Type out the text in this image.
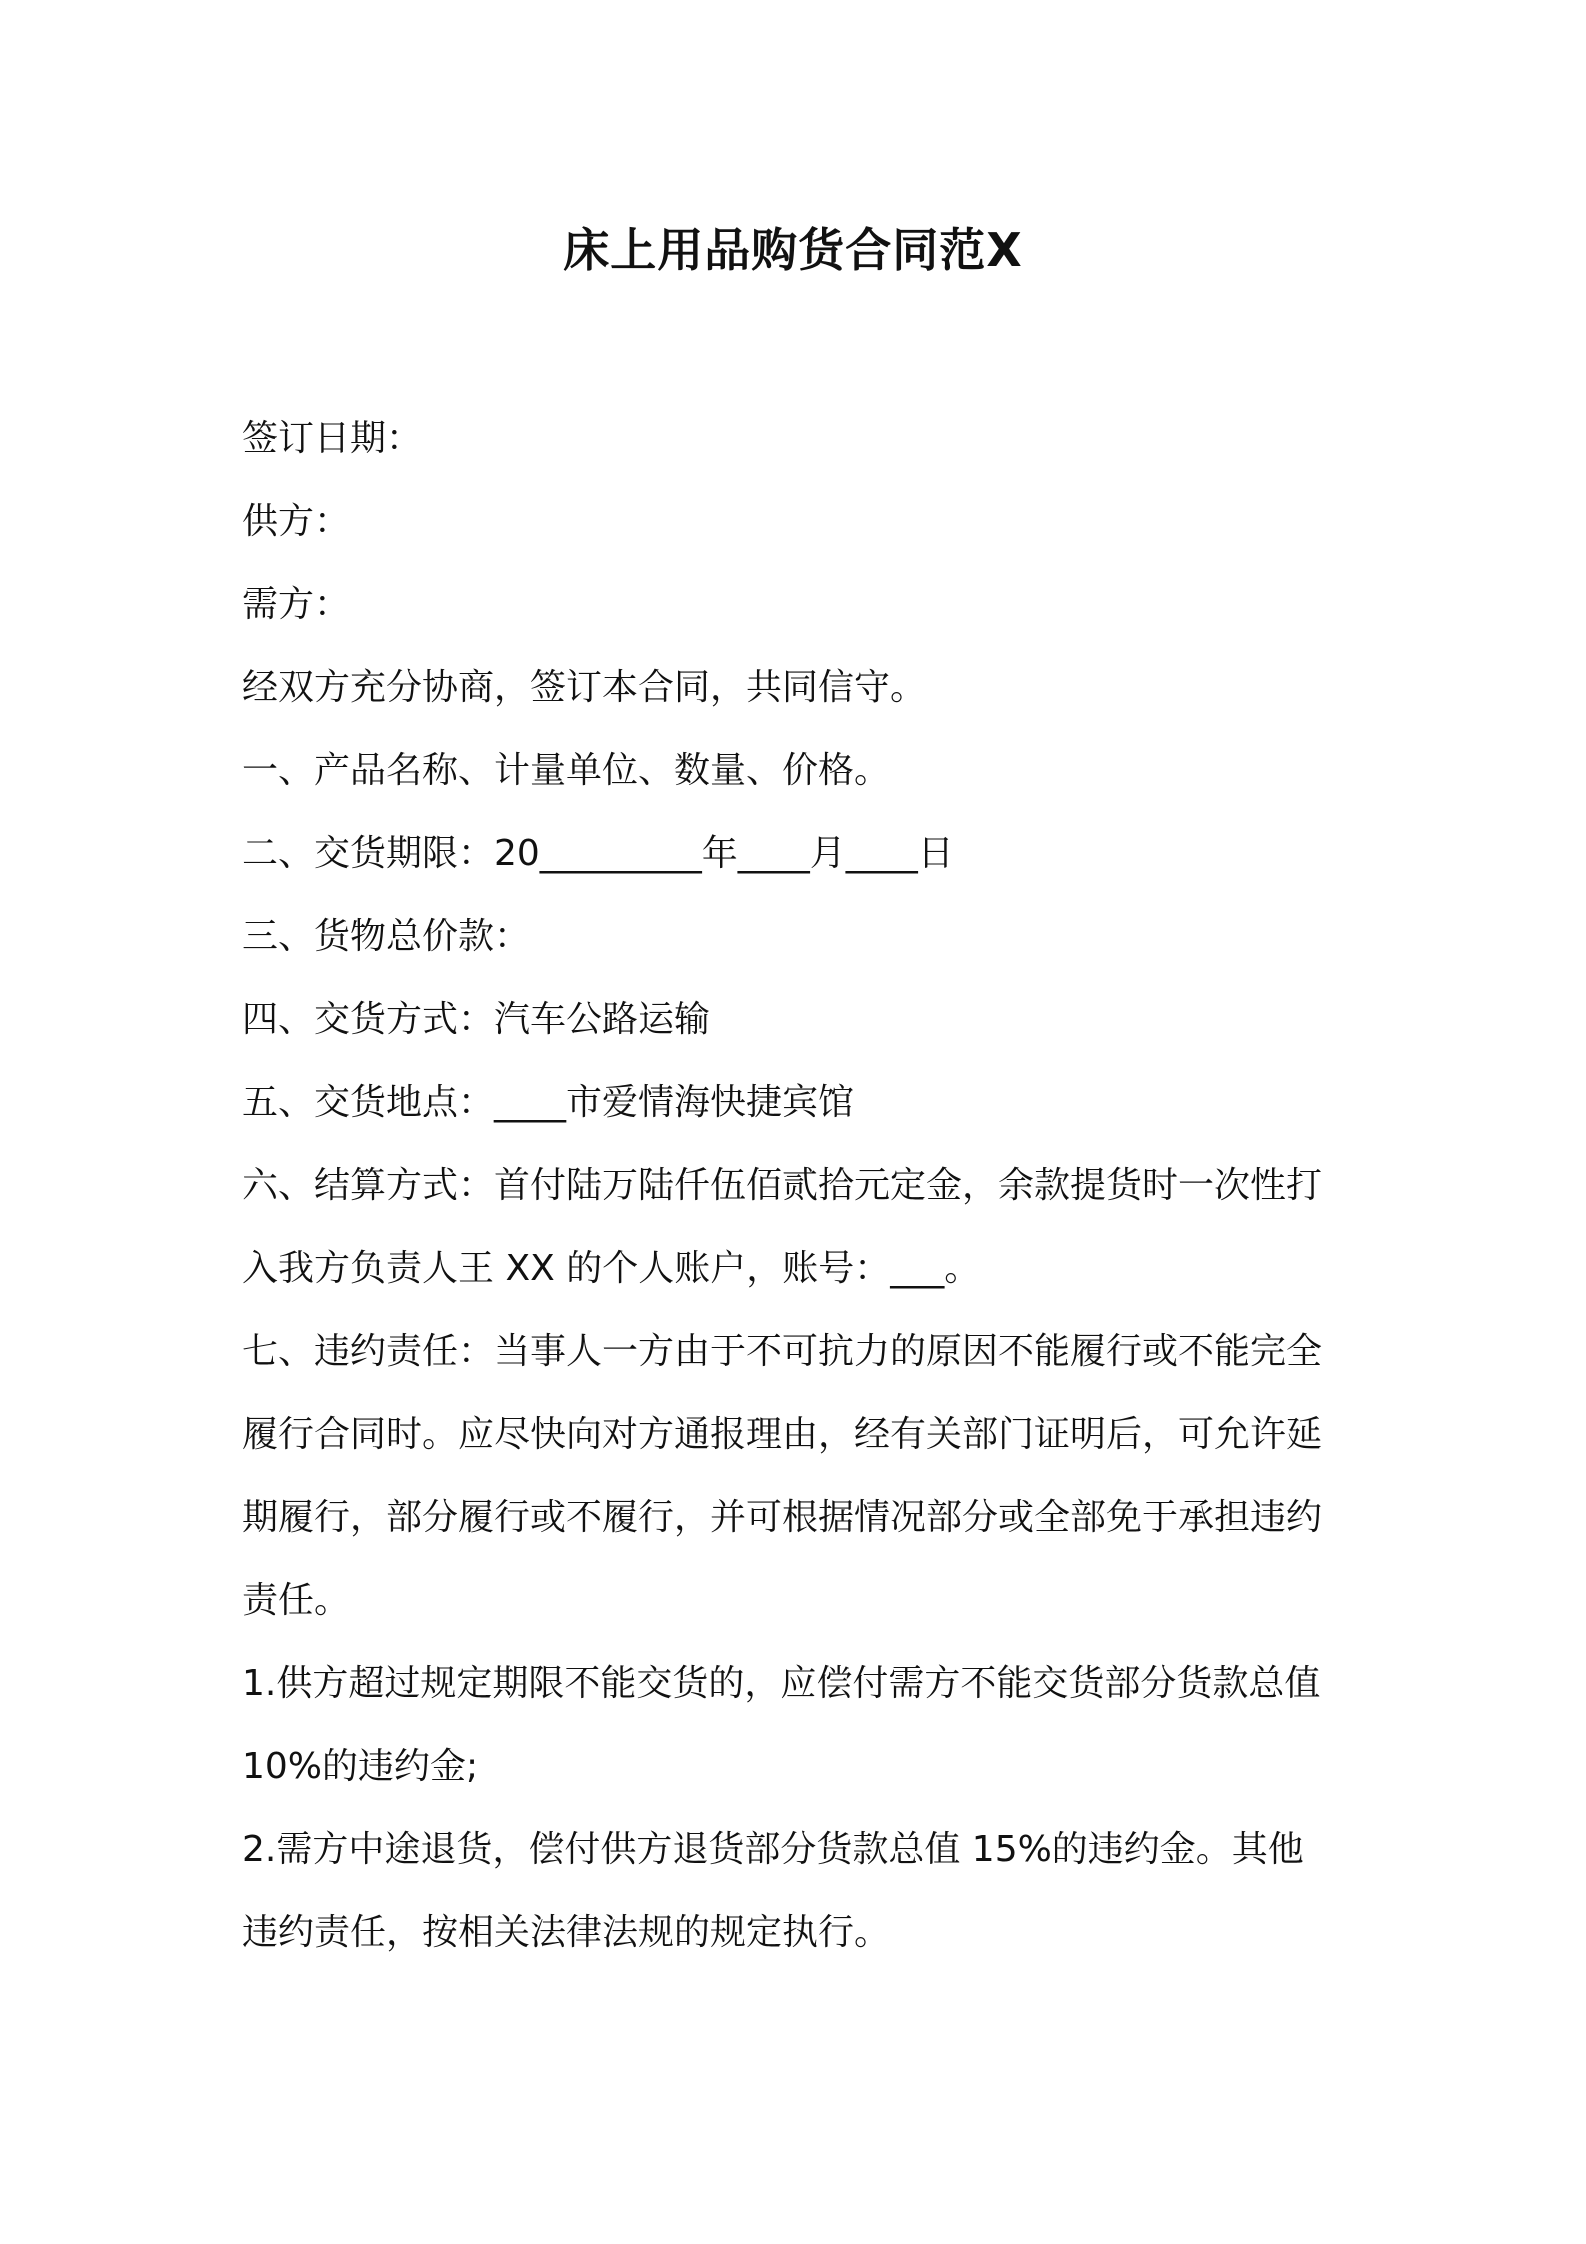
床上用品购货合同范X
签订日期：
供方：
需方：
经双方充分协商，签订本合同，共同信守。
一、产品名称、计量单位、数量、价格。
二、交货期限：20_________年____月____日
三、货物总价款：
四、交货方式：汽车公路运输
五、交货地点：____市爱情海快捷宾馆
六、结算方式：首付陆万陆仟伍佰贰拾元定金，余款提货时一次性打
入我方负责人王 XX 的个人账户，账号：___。
七、违约责任：当事人一方由于不可抗力的原因不能履行或不能完全
履行合同时。应尽快向对方通报理由，经有关部门证明后，可允许延
期履行，部分履行或不履行，并可根据情况部分或全部免于承担违约
责任。
1.供方超过规定期限不能交货的，应偿付需方不能交货部分货款总值
10%的违约金;
2.需方中途退货，偿付供方退货部分货款总值 15%的违约金。其他
违约责任，按相关法律法规的规定执行。
